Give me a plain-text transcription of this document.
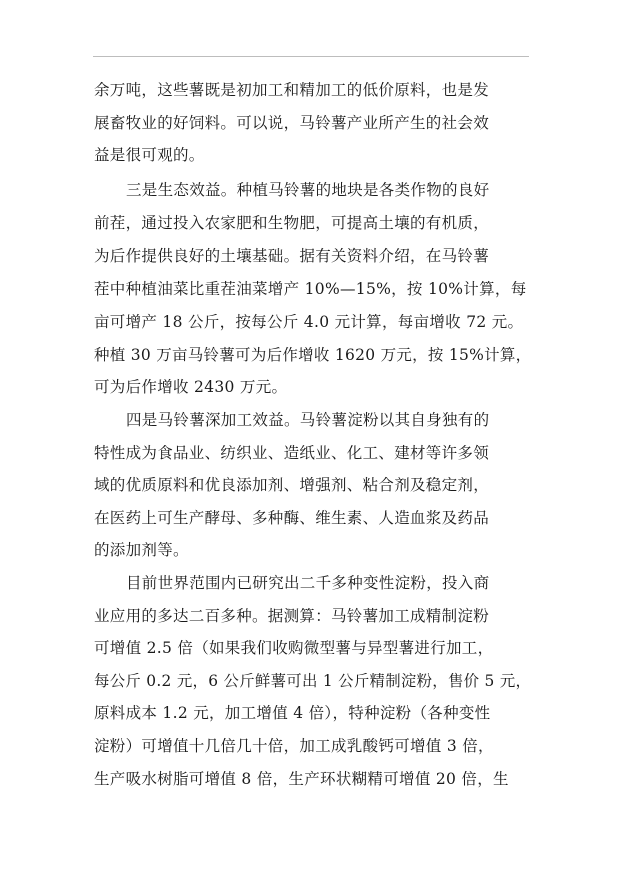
余万吨，这些薯既是初加工和精加工的低价原料，也是发
展畜牧业的好饲料。可以说，马铃薯产业所产生的社会效
益是很可观的。
三是生态效益。种植马铃薯的地块是各类作物的良好
前茬，通过投入农家肥和生物肥，可提高土壤的有机质，
为后作提供良好的土壤基础。据有关资料介绍，在马铃薯
茬中种植油菜比重茬油菜增产 10%—15%，按 10%计算，每
亩可增产 18 公斤，按每公斤 4.0 元计算，每亩增收 72 元。
种植 30 万亩马铃薯可为后作增收 1620 万元，按 15%计算，
可为后作增收 2430 万元。
四是马铃薯深加工效益。马铃薯淀粉以其自身独有的
特性成为食品业、纺织业、造纸业、化工、建材等许多领
域的优质原料和优良添加剂、增强剂、粘合剂及稳定剂，
在医药上可生产酵母、多种酶、维生素、人造血浆及药品
的添加剂等。
目前世界范围内已研究出二千多种变性淀粉，投入商
业应用的多达二百多种。据测算：马铃薯加工成精制淀粉
可增值 2.5 倍（如果我们收购微型薯与异型薯进行加工，
每公斤 0.2 元，6 公斤鲜薯可出 1 公斤精制淀粉，售价 5 元，
原料成本 1.2 元，加工增值 4 倍），特种淀粉（各种变性
淀粉）可增值十几倍几十倍，加工成乳酸钙可增值 3 倍，
生产吸水树脂可增值 8 倍，生产环状糊精可增值 20 倍，生
